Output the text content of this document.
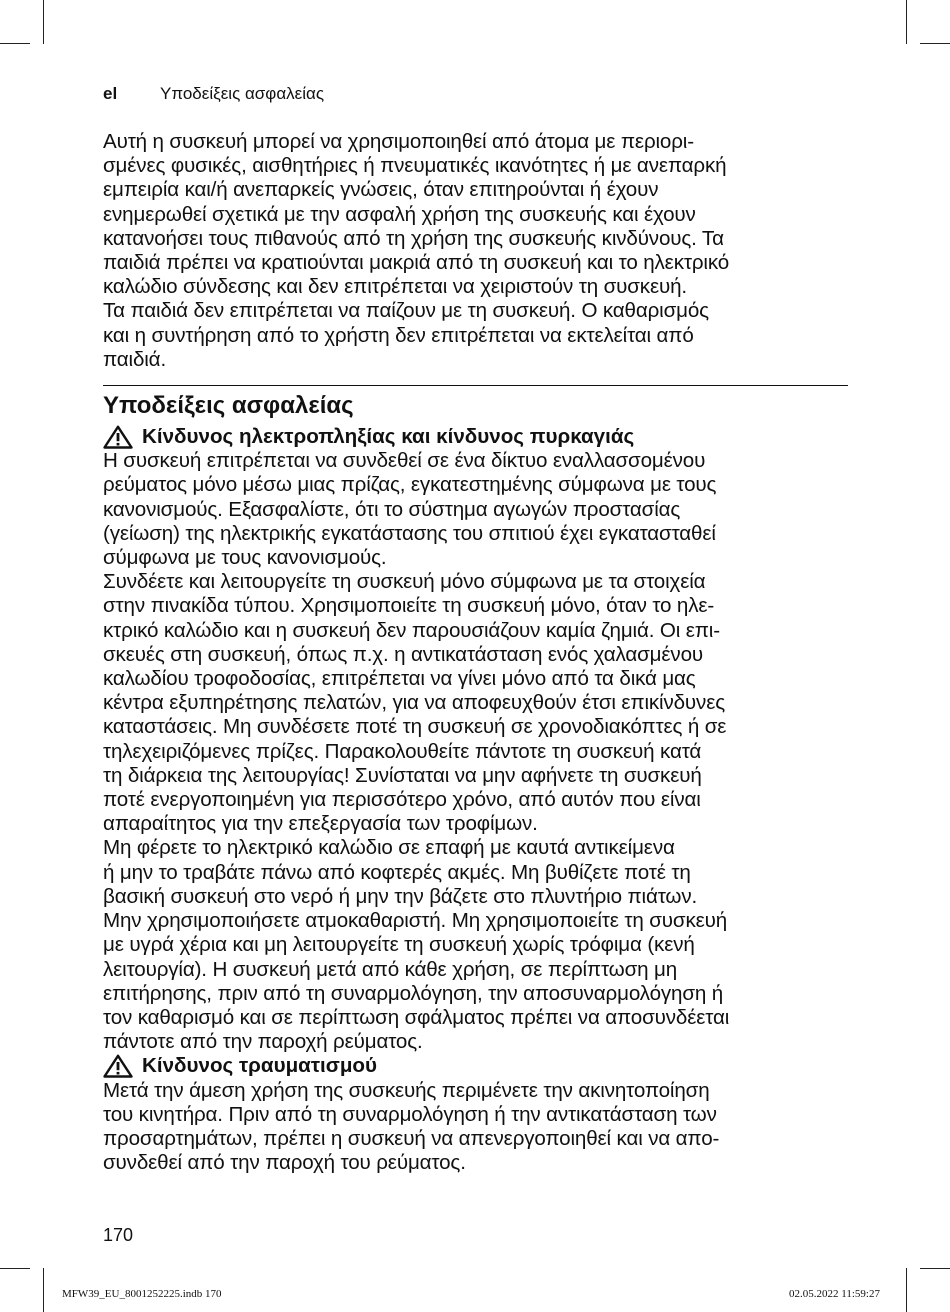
el	Υποδείξεις ασφαλείας

Αυτή η συσκευή μπορεί να χρησιμοποιηθεί από άτομα με περιορι-
σμένες φυσικές, αισθητήριες ή πνευματικές ικανότητες ή με ανεπαρκή
εμπειρία και/ή ανεπαρκείς γνώσεις, όταν επιτηρούνται ή έχουν
ενημερωθεί σχετικά με την ασφαλή χρήση της συσκευής και έχουν
κατανοήσει τους πιθανούς από τη χρήση της συσκευής κινδύνους. Τα
παιδιά πρέπει να κρατιούνται μακριά από τη συσκευή και το ηλεκτρικό
καλώδιο σύνδεσης και δεν επιτρέπεται να χειριστούν τη συσκευή.
Τα παιδιά δεν επιτρέπεται να παίζουν με τη συσκευή. Ο καθαρισμός
και η συντήρηση από το χρήστη δεν επιτρέπεται να εκτελείται από
παιδιά.

Υποδείξεις ασφαλείας
Κίνδυνος ηλεκτροπληξίας και κίνδυνος πυρκαγιάς

Η συσκευή επιτρέπεται να συνδεθεί σε ένα δίκτυο εναλλασσομένου
ρεύματος μόνο μέσω μιας πρίζας, εγκατεστημένης σύμφωνα με τους
κανονισμούς. Εξασφαλίστε, ότι το σύστημα αγωγών προστασίας
(γείωση) της ηλεκτρικής εγκατάστασης του σπιτιού έχει εγκατασταθεί
σύμφωνα με τους κανονισμούς.
Συνδέετε και λειτουργείτε τη συσκευή μόνο σύμφωνα με τα στοιχεία
στην πινακίδα τύπου. Χρησιμοποιείτε τη συσκευή μόνο, όταν το ηλε-
κτρικό καλώδιο και η συσκευή δεν παρουσιάζουν καμία ζημιά. Οι επι-
σκευές στη συσκευή, όπως π.χ. η αντικατάσταση ενός χαλασμένου
καλωδίου τροφοδοσίας, επιτρέπεται να γίνει μόνο από τα δικά μας
κέντρα εξυπηρέτησης πελατών, για να αποφευχθούν έτσι επικίνδυνες
καταστάσεις. Μη συνδέσετε ποτέ τη συσκευή σε χρονοδιακόπτες ή σε
τηλεχειριζόμενες πρίζες. Παρακολουθείτε πάντοτε τη συσκευή κατά
τη διάρκεια της λειτουργίας! Συνίσταται να μην αφήνετε τη συσκευή
ποτέ ενεργοποιημένη για περισσότερο χρόνο, από αυτόν που είναι
απαραίτητος για την επεξεργασία των τροφίμων.
Μη φέρετε το ηλεκτρικό καλώδιο σε επαφή με καυτά αντικείμενα
ή μην το τραβάτε πάνω από κοφτερές ακμές. Μη βυθίζετε ποτέ τη
βασική συσκευή στο νερό ή μην την βάζετε στο πλυντήριο πιάτων.
Μην χρησιμοποιήσετε ατμοκαθαριστή. Μη χρησιμοποιείτε τη συσκευή
με υγρά χέρια και μη λειτουργείτε τη συσκευή χωρίς τρόφιμα (κενή
λειτουργία). Η συσκευή μετά από κάθε χρήση, σε περίπτωση μη
επιτήρησης, πριν από τη συναρμολόγηση, την αποσυναρμολόγηση ή
τον καθαρισμό και σε περίπτωση σφάλματος πρέπει να αποσυνδέεται
πάντοτε από την παροχή ρεύματος.

Κίνδυνος τραυματισμού

Μετά την άμεση χρήση της συσκευής περιμένετε την ακινητοποίηση
του κινητήρα. Πριν από τη συναρμολόγηση ή την αντικατάσταση των
προσαρτημάτων, πρέπει η συσκευή να απενεργοποιηθεί και να απο-
συνδεθεί από την παροχή του ρεύματος.

170
MFW39_EU_8001252225.indb 170	02.05.2022 11:59:27
